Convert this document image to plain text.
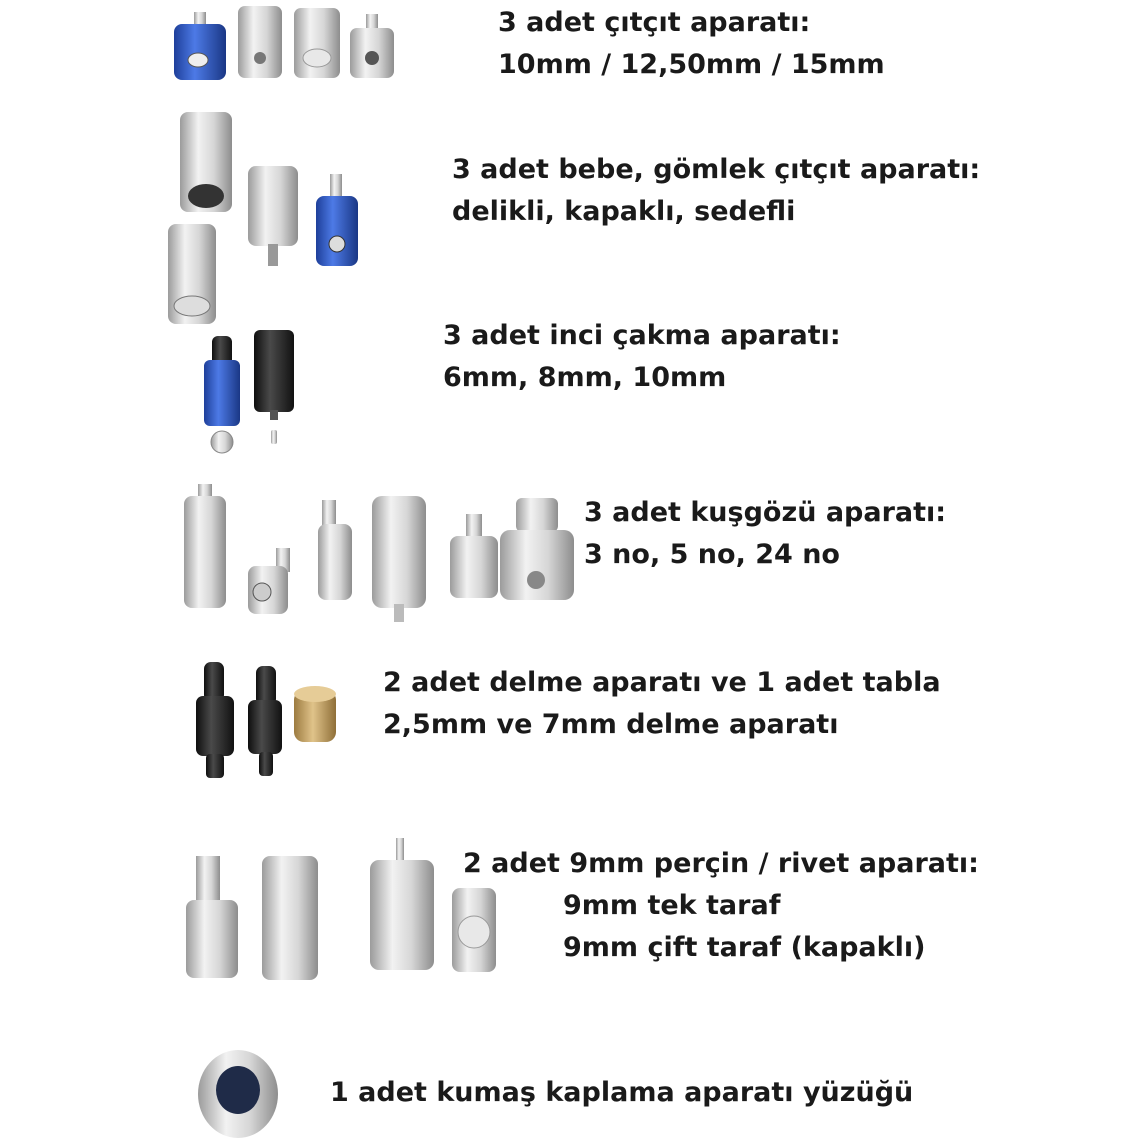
3 adet çıtçıt aparatı:
10mm / 12,50mm / 15mm
3 adet bebe, gömlek çıtçıt aparatı:
delikli, kapaklı, sedefli
3 adet inci çakma aparatı:
6mm, 8mm, 10mm
3 adet kuşgözü aparatı:
3 no, 5 no, 24 no
2 adet delme aparatı ve 1 adet tabla
2,5mm ve 7mm delme aparatı
2 adet 9mm perçin / rivet aparatı:
9mm tek taraf
9mm çift taraf (kapaklı)
1 adet kumaş kaplama aparatı yüzüğü
